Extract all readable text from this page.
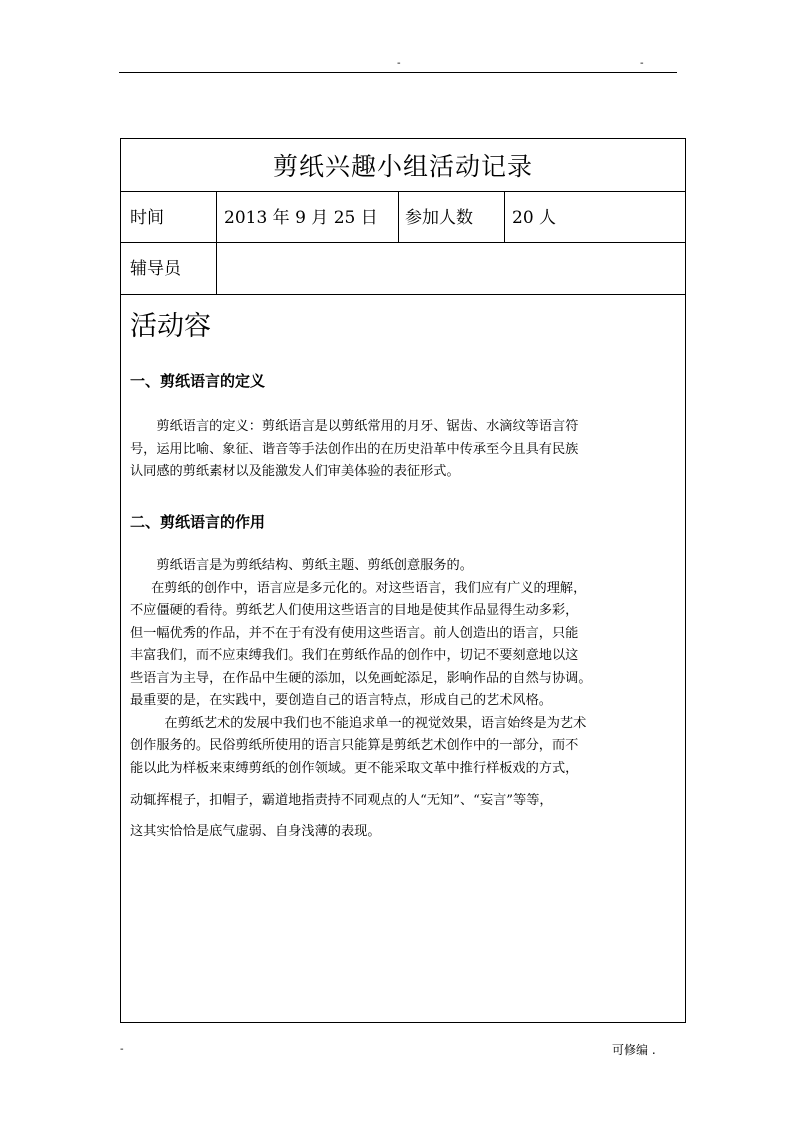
-	-
剪纸兴趣小组活动记录
时间	2013 年 9 月 25 日 参加人数 20 人
辅导员
活动容
一、剪纸语言的定义

剪纸语言的定义：剪纸语言是以剪纸常用的月牙、锯齿、水滴纹等语言符

号，运用比喻、象征、谐音等手法创作出的在历史沿革中传承至今且具有民族

认同感的剪纸素材以及能激发人们审美体验的表征形式。

二、剪纸语言的作用

剪纸语言是为剪纸结构、剪纸主题、剪纸创意服务的。

在剪纸的创作中，语言应是多元化的。对这些语言，我们应有广义的理解，

不应僵硬的看待。剪纸艺人们使用这些语言的目地是使其作品显得生动多彩，

但一幅优秀的作品，并不在于有没有使用这些语言。前人创造出的语言，只能

丰富我们，而不应束缚我们。我们在剪纸作品的创作中，切记不要刻意地以这

些语言为主导，在作品中生硬的添加，以免画蛇添足，影响作品的自然与协调。

最重要的是，在实践中，要创造自己的语言特点，形成自己的艺术风格。

在剪纸艺术的发展中我们也不能追求单一的视觉效果，语言始终是为艺术

创作服务的。民俗剪纸所使用的语言只能算是剪纸艺术创作中的一部分，而不

能以此为样板来束缚剪纸的创作领域。更不能采取文革中推行样板戏的方式，

动辄挥棍子，扣帽子，霸道地指责持不同观点的人“无知”、“妄言”等等，

这其实恰恰是底气虚弱、自身浅薄的表现。

-	可修编 .
